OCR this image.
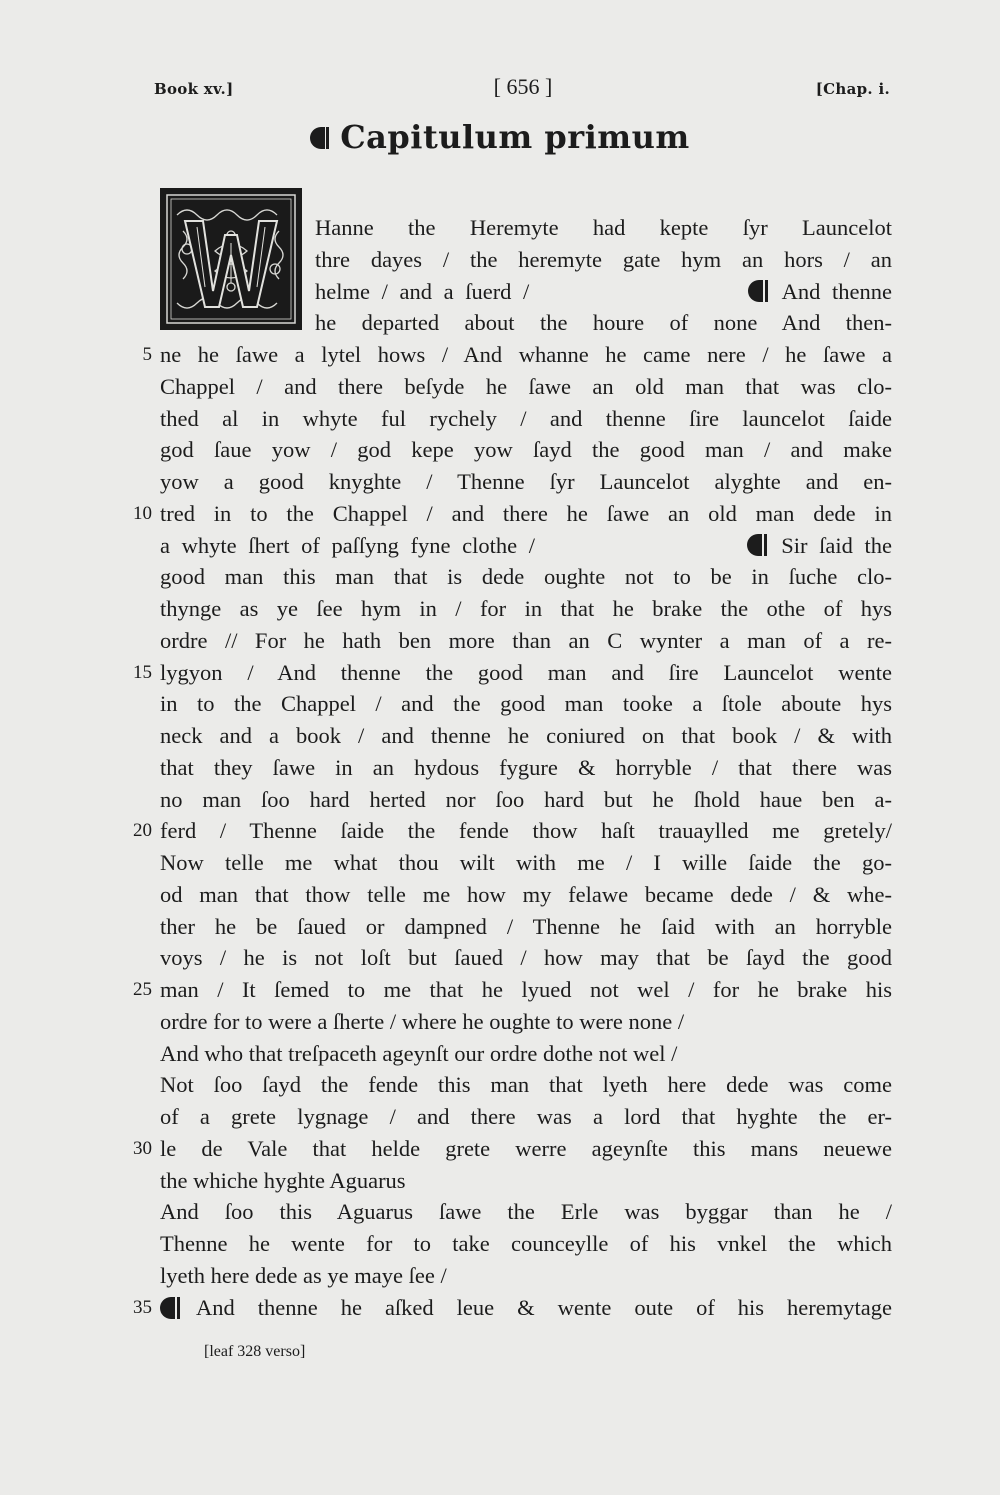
Book xv.]	[ 656 ]	[Chap. i.
Capitulum primum
Hanne the Heremyte had kepte ſyr Launcelot
thre dayes / the heremyte gate hym an hors / an
helme / and a ſuerd /	And thenne
he departed about the houre of none And then-
ne he ſawe a lytel hows / And whanne he came nere / he ſawe a
5
Chappel / and there beſyde he ſawe an old man that was clo-
thed al in whyte ful rychely / and thenne ſire launcelot ſaide
god ſaue yow / god kepe yow ſayd the good man / and make
yow a good knyghte / Thenne ſyr Launcelot alyghte and en-
tred in to the Chappel / and there he ſawe an old man dede in
10
a whyte ſhert of paſſyng fyne clothe /	Sir ſaid the
good man this man that is dede oughte not to be in ſuche clo-
thynge as ye ſee hym in / for in that he brake the othe of hys
ordre // For he hath ben more than an C wynter a man of a re-
lygyon / And thenne the good man and ſire Launcelot wente
15
in to the Chappel / and the good man tooke a ſtole aboute hys
neck and a book / and thenne he coniured on that book / & with
that they ſawe in an hydous fygure & horryble / that there was
no man ſoo hard herted nor ſoo hard but he ſhold haue ben a-
ferd / Thenne ſaide the fende thow haſt trauaylled me gretely/
20
Now telle me what thou wilt with me / I wille ſaide the go-
od man that thow telle me how my felawe became dede / & whe-
ther he be ſaued or dampned / Thenne he ſaid with an horryble
voys / he is not loſt but ſaued / how may that be ſayd the good
man / It ſemed to me that he lyued not wel / for he brake his
25
ordre for to were a ſherte / where he oughte to were none /
And who that treſpaceth ageynſt our ordre dothe not wel /
Not ſoo ſayd the fende this man that lyeth here dede was come
of a grete lygnage / and there was a lord that hyghte the er-
le de Vale that helde grete werre ageynſte this mans neuewe
30
the whiche hyghte Aguarus
And ſoo this Aguarus ſawe the Erle was byggar than he /
Thenne he wente for to take counceylle of his vnkel the which
lyeth here dede as ye maye ſee /
And thenne he aſked leue & wente oute of his heremytage
35
[leaf 328 verso]
